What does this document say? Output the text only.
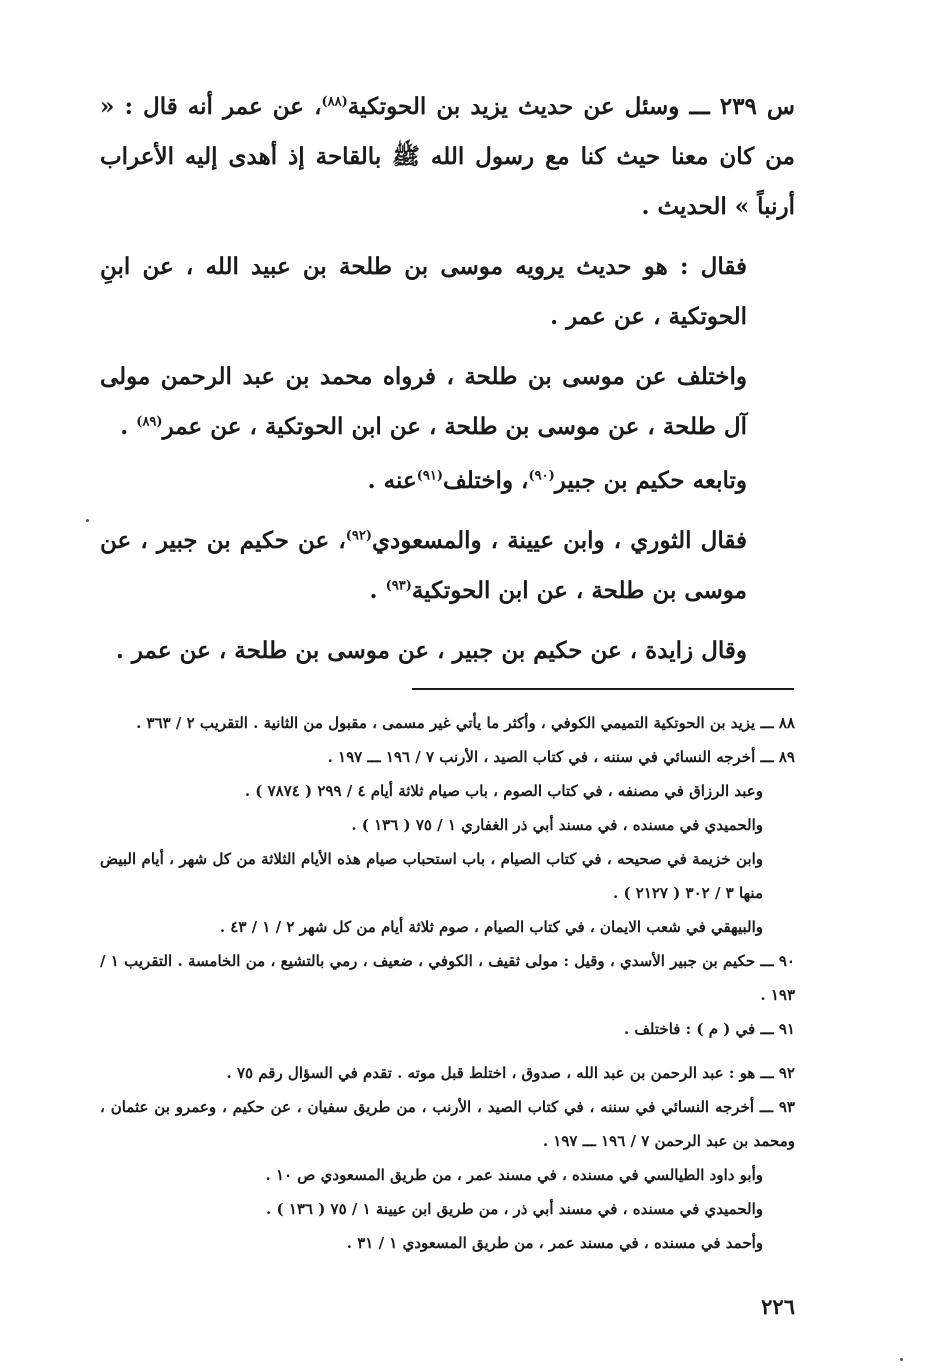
س ٢٣٩ ـــ وسئل عن حديث يزيد بن الحوتكية$^{(٨٨)}$، عن عمر أنه قال : « من كان معنا حيث كنا مع رسول الله ﷺ بالقاحة إذ أهدى إليه الأعراب أرنباً » الحديث .

فقال : هو حديث يرويه موسى بن طلحة بن عبيد الله ، عن ابنِ الحوتكية ، عن عمر .

واختلف عن موسى بن طلحة ، فرواه محمد بن عبد الرحمن مولى آل طلحة ، عن موسى بن طلحة ، عن ابن الحوتكية ، عن عمر$^{(٨٩)}$ .

وتابعه حكيم بن جبير$^{(٩٠)}$، واختلف$^{(٩١)}$عنه .

فقال الثوري ، وابن عيينة ، والمسعودي$^{(٩٢)}$، عن حكيم بن جبير ، عن موسى بن طلحة ، عن ابن الحوتكية$^{(٩٣)}$ .

وقال زايدة ، عن حكيم بن جبير ، عن موسى بن طلحة ، عن عمر .

٨٨ ـــ يزيد بن الحوتكية التميمي الكوفي ، وأكثر ما يأتي غير مسمى ، مقبول من الثانية . التقريب ٢ / ٣٦٣ .
٨٩ ـــ أخرجه النسائي في سننه ، في كتاب الصيد ، الأرنب ٧ / ١٩٦ ـــ ١٩٧ .
وعبد الرزاق في مصنفه ، في كتاب الصوم ، باب صيام ثلاثة أيام ٤ / ٢٩٩ ( ٧٨٧٤ ) .
والحميدي في مسنده ، في مسند أبي ذر الغفاري ١ / ٧٥ ( ١٣٦ ) .
وابن خزيمة في صحيحه ، في كتاب الصيام ، باب استحباب صيام هذه الأيام الثلاثة من كل شهر ، أيام البيض منها ٣ / ٣٠٢ ( ٢١٢٧ ) .
والبيهقي في شعب الايمان ، في كتاب الصيام ، صوم ثلاثة أيام من كل شهر ٢ / ١ / ٤٣ .
٩٠ ـــ حكيم بن جبير الأسدي ، وقيل : مولى ثقيف ، الكوفي ، ضعيف ، رمي بالتشيع ، من الخامسة . التقريب ١ / ١٩٣ .
٩١ ـــ في ( م ) : فاختلف .
٩٢ ـــ هو : عبد الرحمن بن عبد الله ، صدوق ، اختلط قبل موته . تقدم في السؤال رقم ٧٥ .
٩٣ ـــ أخرجه النسائي في سننه ، في كتاب الصيد ، الأرنب ، من طريق سفيان ، عن حكيم ، وعمرو بن عثمان ، ومحمد بن عبد الرحمن ٧ / ١٩٦ ـــ ١٩٧ .
وأبو داود الطيالسي في مسنده ، في مسند عمر ، من طريق المسعودي ص ١٠ .
والحميدي في مسنده ، في مسند أبي ذر ، من طريق ابن عيينة ١ / ٧٥ ( ١٣٦ ) .
وأحمد في مسنده ، في مسند عمر ، من طريق المسعودي ١ / ٣١ .
٢٢٦
